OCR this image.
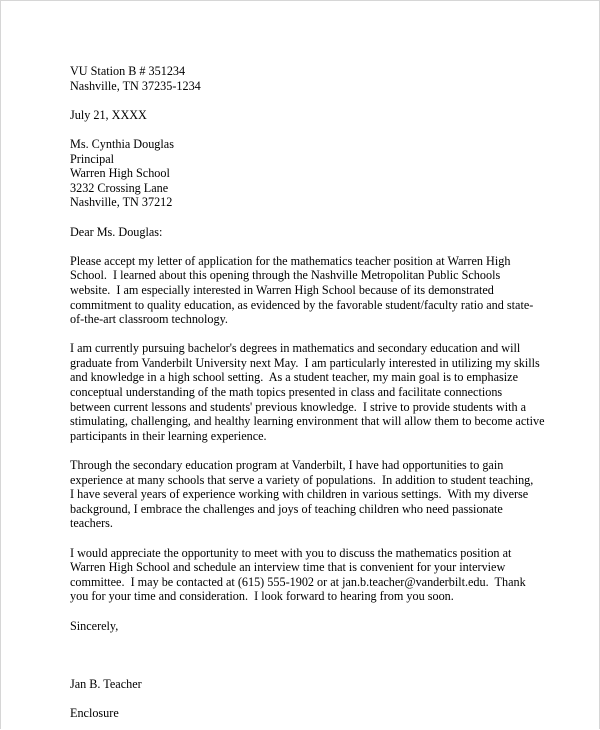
VU Station B # 351234
Nashville, TN 37235-1234
July 21, XXXX
Ms. Cynthia Douglas
Principal
Warren High School
3232 Crossing Lane
Nashville, TN 37212
Dear Ms. Douglas:
Please accept my letter of application for the mathematics teacher position at Warren High
School.  I learned about this opening through the Nashville Metropolitan Public Schools
website.  I am especially interested in Warren High School because of its demonstrated
commitment to quality education, as evidenced by the favorable student/faculty ratio and state-
of-the-art classroom technology.
I am currently pursuing bachelor's degrees in mathematics and secondary education and will
graduate from Vanderbilt University next May.  I am particularly interested in utilizing my skills
and knowledge in a high school setting.  As a student teacher, my main goal is to emphasize
conceptual understanding of the math topics presented in class and facilitate connections
between current lessons and students' previous knowledge.  I strive to provide students with a
stimulating, challenging, and healthy learning environment that will allow them to become active
participants in their learning experience.
Through the secondary education program at Vanderbilt, I have had opportunities to gain
experience at many schools that serve a variety of populations.  In addition to student teaching,
I have several years of experience working with children in various settings.  With my diverse
background, I embrace the challenges and joys of teaching children who need passionate
teachers.
I would appreciate the opportunity to meet with you to discuss the mathematics position at
Warren High School and schedule an interview time that is convenient for your interview
committee.  I may be contacted at (615) 555-1902 or at jan.b.teacher@vanderbilt.edu.  Thank
you for your time and consideration.  I look forward to hearing from you soon.
Sincerely,
Jan B. Teacher
Enclosure
